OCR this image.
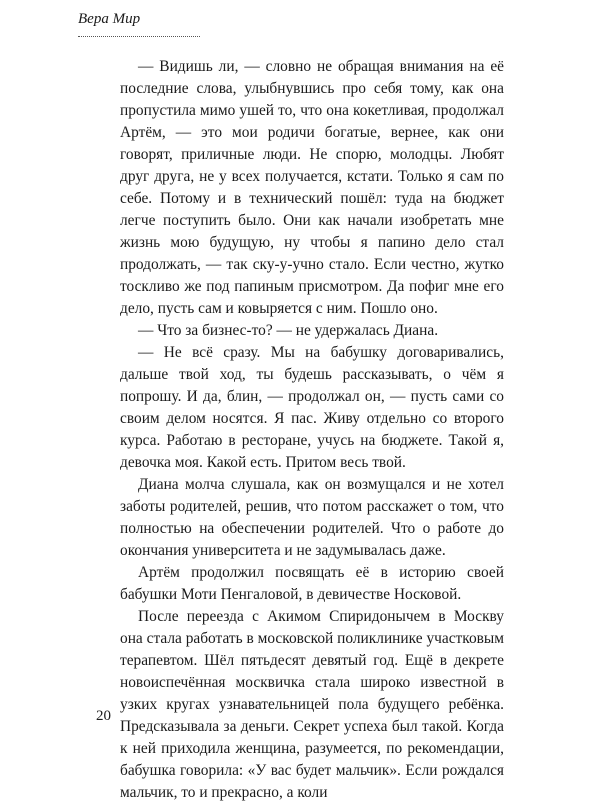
Вера Мир

— Видишь ли, — словно не обращая внимания на её последние слова, улыбнувшись про себя тому, как она пропустила мимо ушей то, что она кокетливая, продолжал Артём, — это мои родичи богатые, вернее, как они говорят, приличные люди. Не спорю, молодцы. Любят друг друга, не у всех получается, кстати. Только я сам по себе. Потому и в технический пошёл: туда на бюджет легче поступить было. Они как начали изобретать мне жизнь мою будущую, ну чтобы я папино дело стал продолжать, — так ску-у-учно стало. Если честно, жутко тоскливо же под папиным присмотром. Да пофиг мне его дело, пусть сам и ковыряется с ним. Пошло оно.

— Что за бизнес-то? — не удержалась Диана.

— Не всё сразу. Мы на бабушку договаривались, дальше твой ход, ты будешь рассказывать, о чём я попрошу. И да, блин, — продолжал он, — пусть сами со своим делом носятся. Я пас. Живу отдельно со второго курса. Работаю в ресторане, учусь на бюджете. Такой я, девочка моя. Какой есть. Притом весь твой.

Диана молча слушала, как он возмущался и не хотел заботы родителей, решив, что потом расскажет о том, что полностью на обеспечении родителей. Что о работе до окончания университета и не задумывалась даже.

Артём продолжил посвящать её в историю своей бабушки Моти Пенгаловой, в девичестве Носковой.

После переезда с Акимом Спиридонычем в Москву она стала работать в московской поликлинике участковым терапевтом. Шёл пятьдесят девятый год. Ещё в декрете новоиспечённая москвичка стала широко известной в узких кругах узнавательницей пола будущего ребёнка. Предсказывала за деньги. Секрет успеха был такой. Когда к ней приходила женщина, разумеется, по рекомендации, бабушка говорила: «У вас будет мальчик». Если рождался мальчик, то и прекрасно, а коли

20
